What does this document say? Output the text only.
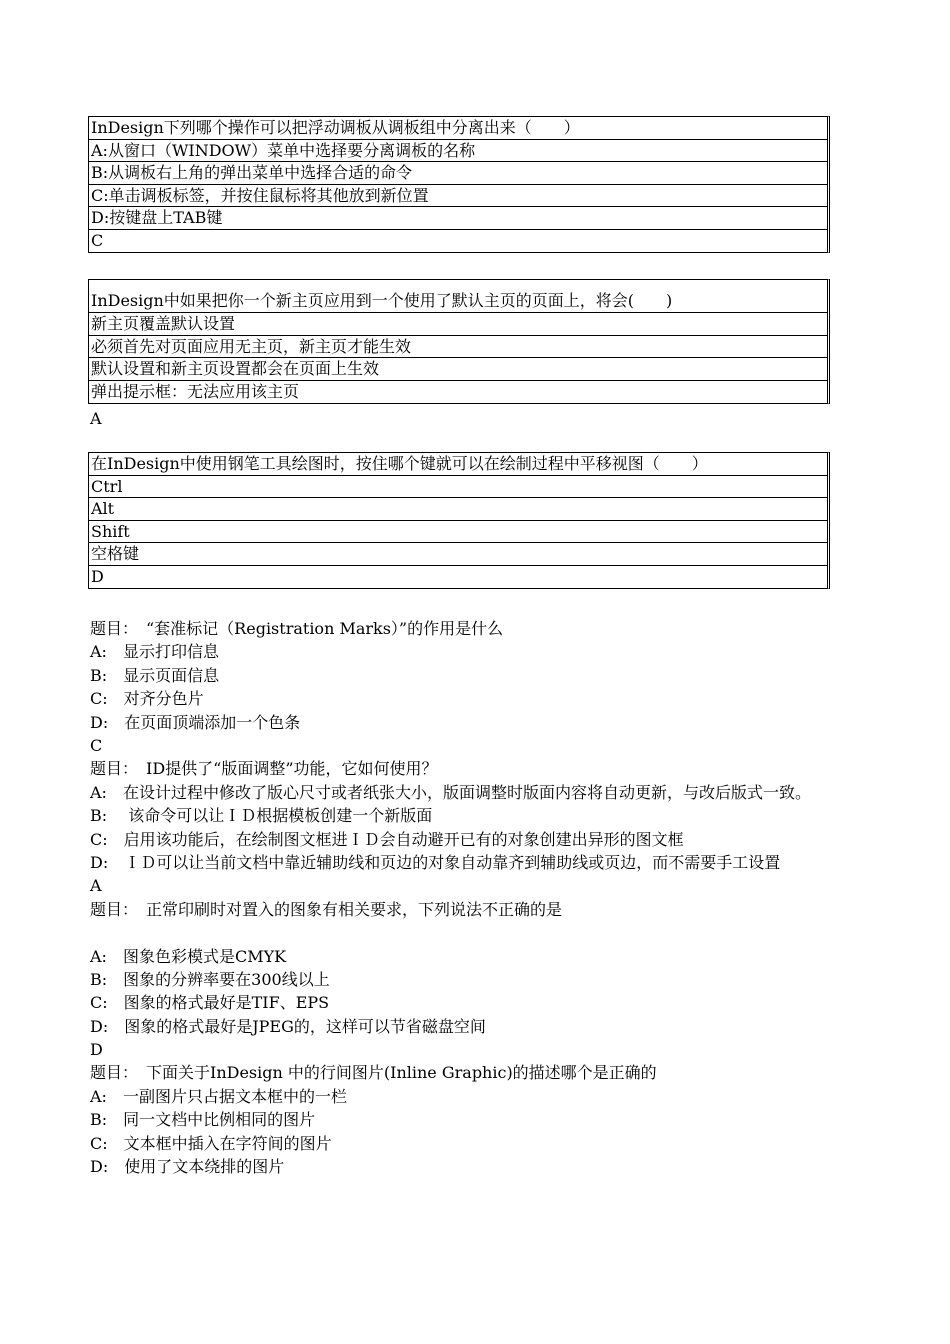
InDesign下列哪个操作可以把浮动调板从调板组中分离出来（　　）
A:从窗口（WINDOW）菜单中选择要分离调板的名称
B:从调板右上角的弹出菜单中选择合适的命令
C:单击调板标签，并按住鼠标将其他放到新位置
D:按键盘上TAB键
C
InDesign中如果把你一个新主页应用到一个使用了默认主页的页面上，将会(　　)
新主页覆盖默认设置
必须首先对页面应用无主页，新主页才能生效
默认设置和新主页设置都会在页面上生效
弹出提示框：无法应用该主页
A
在InDesign中使用钢笔工具绘图时，按住哪个键就可以在绘制过程中平移视图（　　）
Ctrl
Alt
Shift
空格键
D
题目：　“套准标记（Registration Marks）”的作用是什么
A:　显示打印信息
B:　显示页面信息
C:　对齐分色片
D:　在页面顶端添加一个色条
C
题目：　ID提供了“版面调整”功能，它如何使用？
A:　在设计过程中修改了版心尺寸或者纸张大小，版面调整时版面内容将自动更新，与改后版式一致。
B:　 该命令可以让ＩＤ根据模板创建一个新版面
C:　启用该功能后，在绘制图文框进ＩＤ会自动避开已有的对象创建出异形的图文框
D:　ＩＤ可以让当前文档中靠近辅助线和页边的对象自动靠齐到辅助线或页边，而不需要手工设置
A
题目：　正常印刷时对置入的图象有相关要求，下列说法不正确的是
A:　图象色彩模式是CMYK
B:　图象的分辨率要在300线以上
C:　图象的格式最好是TIF、EPS
D:　图象的格式最好是JPEG的，这样可以节省磁盘空间
D
题目：　下面关于InDesign 中的行间图片(Inline Graphic)的描述哪个是正确的
A:　一副图片只占据文本框中的一栏
B:　同一文档中比例相同的图片
C:　文本框中插入在字符间的图片
D:　使用了文本绕排的图片
